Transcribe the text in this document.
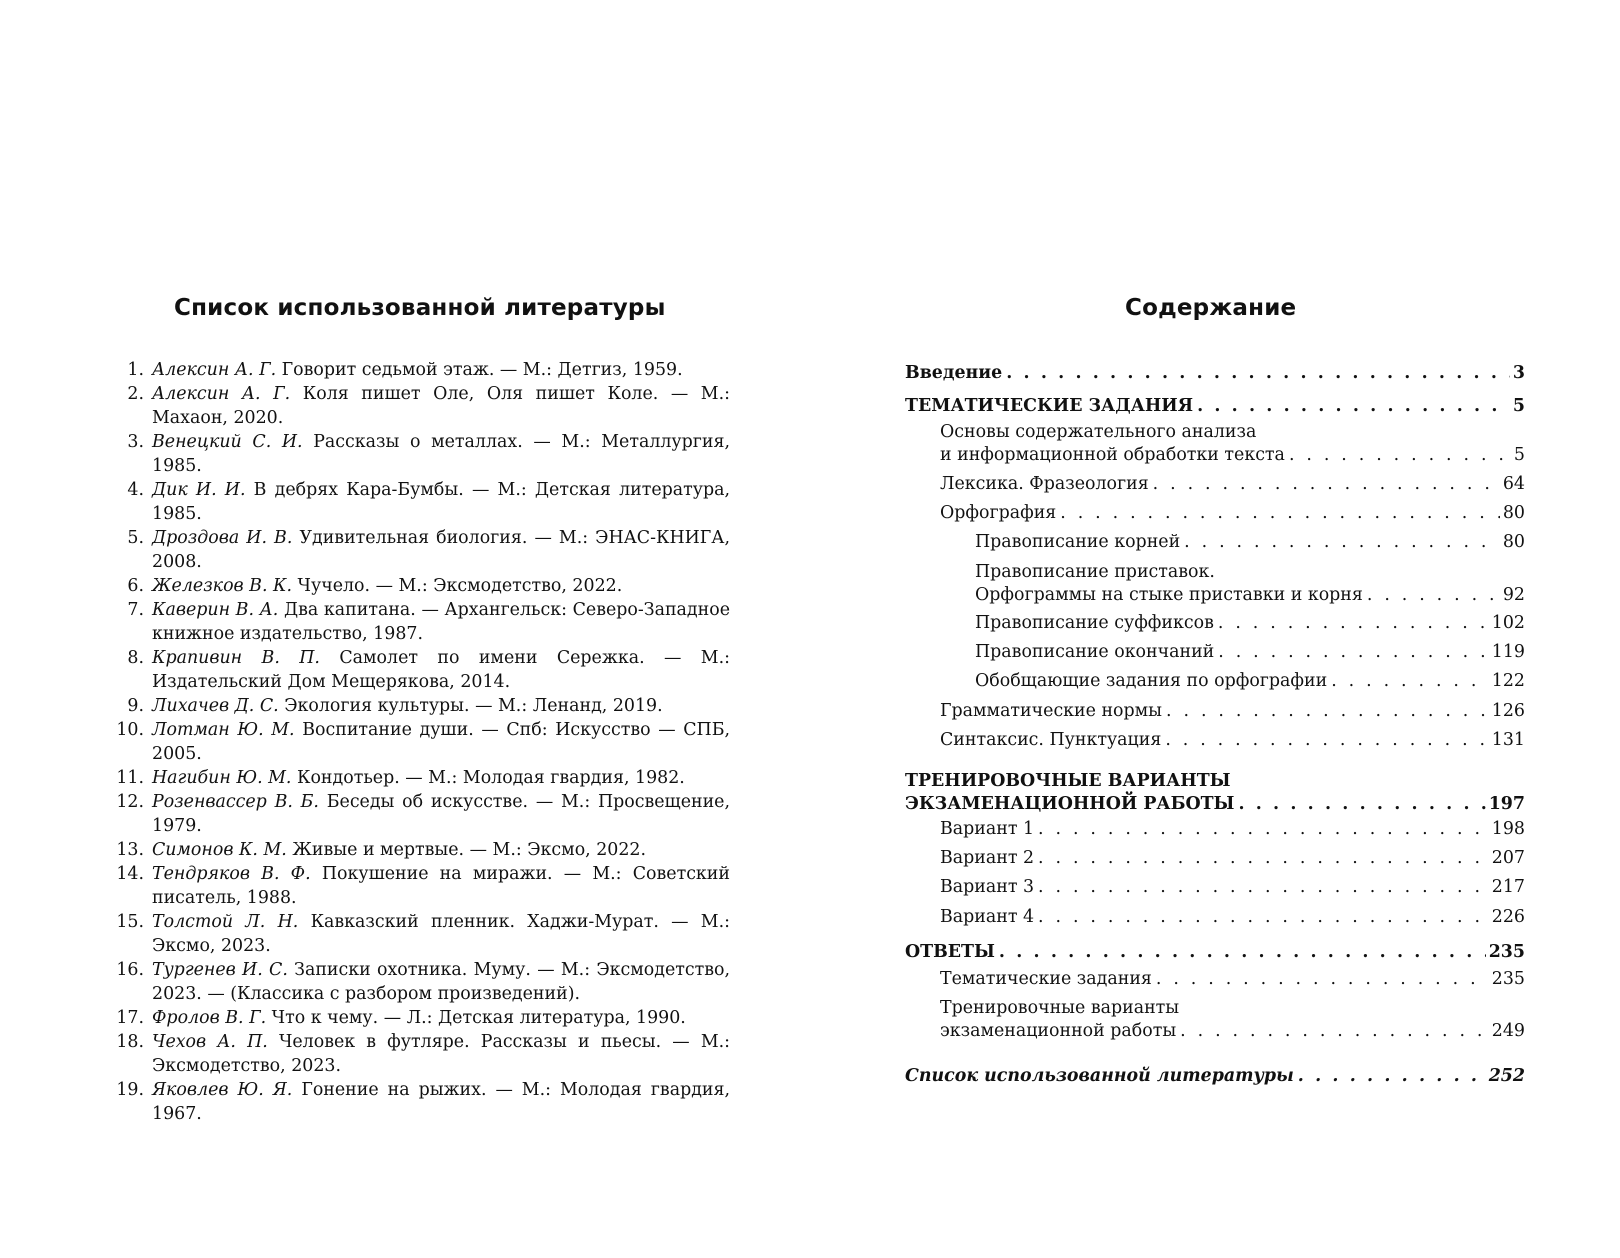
Список использованной литературы
1. Алексин А. Г. Говорит седьмой этаж. — М.: Детгиз, 1959.
2. Алексин А. Г. Коля пишет Оле, Оля пишет Коле. — М.: Махаон, 2020.
3. Венецкий С. И. Рассказы о металлах. — М.: Металлургия, 1985.
4. Дик И. И. В дебрях Кара-Бумбы. — М.: Детская литература, 1985.
5. Дроздова И. В. Удивительная биология. — М.: ЭНАС-КНИГА, 2008.
6. Железков В. К. Чучело. — М.: Эксмодетство, 2022.
7. Каверин В. А. Два капитана. — Архангельск: Северо-Западное книжное издательство, 1987.
8. Крапивин В. П. Самолет по имени Сережка. — М.: Издательский Дом Мещерякова, 2014.
9. Лихачев Д. С. Экология культуры. — М.: Ленанд, 2019.
10. Лотман Ю. М. Воспитание души. — Спб: Искусство — СПБ, 2005.
11. Нагибин Ю. М. Кондотьер. — М.: Молодая гвардия, 1982.
12. Розенвассер В. Б. Беседы об искусстве. — М.: Просвещение, 1979.
13. Симонов К. М. Живые и мертвые. — М.: Эксмо, 2022.
14. Тендряков В. Ф. Покушение на миражи. — М.: Советский писатель, 1988.
15. Толстой Л. Н. Кавказский пленник. Хаджи-Мурат. — М.: Эксмо, 2023.
16. Тургенев И. С. Записки охотника. Муму. — М.: Эксмодетство, 2023. — (Классика с разбором произведений).
17. Фролов В. Г. Что к чему. — Л.: Детская литература, 1990.
18. Чехов А. П. Человек в футляре. Рассказы и пьесы. — М.: Эксмодетство, 2023.
19. Яковлев Ю. Я. Гонение на рыжих. — М.: Молодая гвардия, 1967.
Содержание
Введение . . .	3
ТЕМАТИЧЕСКИЕ ЗАДАНИЯ . . .	5
Основы содержательного анализа
и информационной обработки текста . . .	5
Лексика. Фразеология . . .	64
Орфография . . .	80
Правописание корней . . .	80
Правописание приставок.
Орфограммы на стыке приставки и корня . . .	92
Правописание суффиксов . . .	102
Правописание окончаний . . .	119
Обобщающие задания по орфографии . . .	122
Грамматические нормы . . .	126
Синтаксис. Пунктуация . . .	131
ТРЕНИРОВОЧНЫЕ ВАРИАНТЫ
ЭКЗАМЕНАЦИОННОЙ РАБОТЫ . . .	197
Вариант 1 . . .	198
Вариант 2 . . .	207
Вариант 3 . . .	217
Вариант 4 . . .	226
ОТВЕТЫ . . .	235
Тематические задания . . .	235
Тренировочные варианты
экзаменационной работы . . .	249
Список использованной литературы . . .	252
